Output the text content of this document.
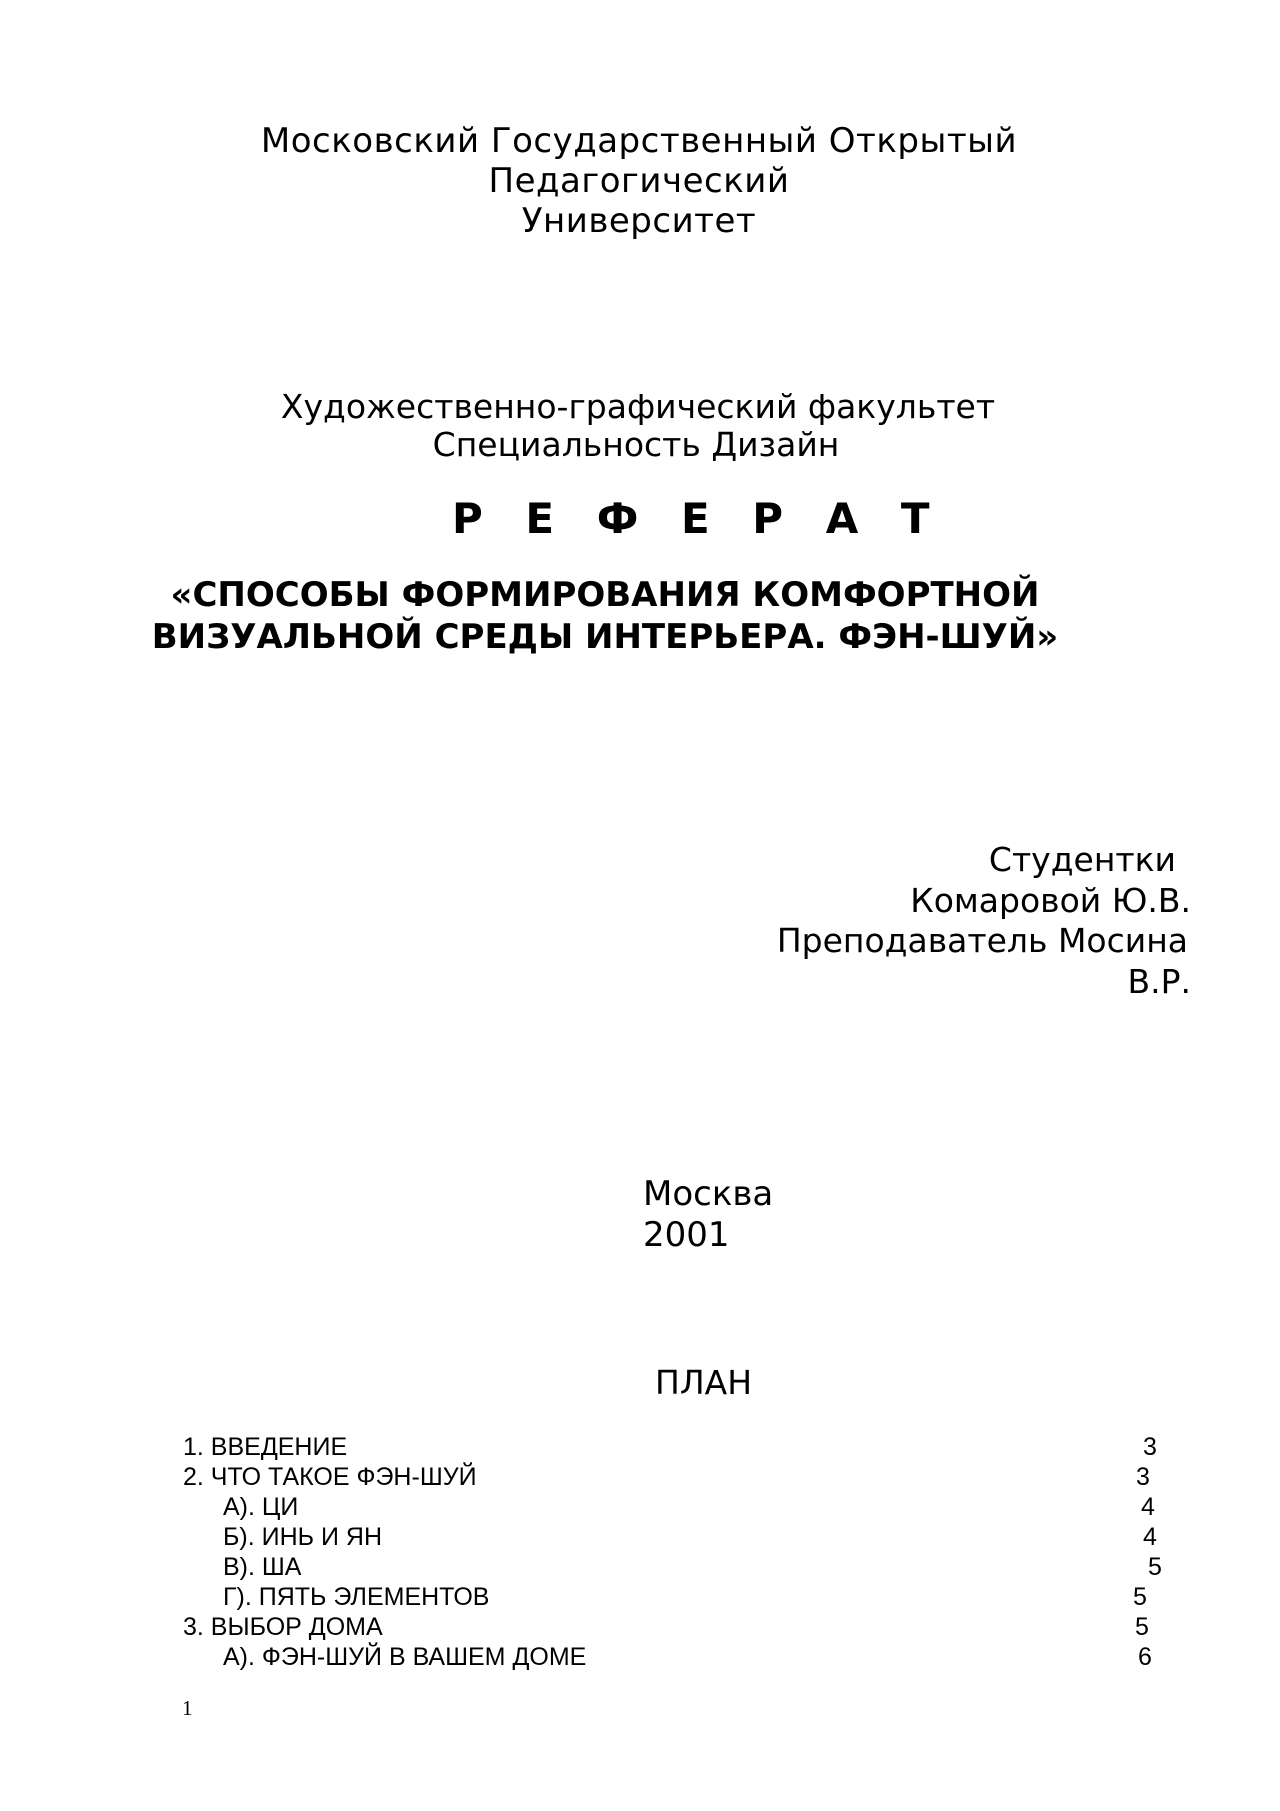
Московский Государственный Открытый
Педагогический
Университет
Художественно-графический факультет
Специальность Дизайн
Р Е Ф Е Р А Т
«СПОСОБЫ ФОРМИРОВАНИЯ КОМФОРТНОЙ
ВИЗУАЛЬНОЙ СРЕДЫ ИНТЕРЬЕРА. ФЭН-ШУЙ»
Студентки
Комаровой Ю.В.
Преподаватель Мосина
В.Р.
Москва
2001
ПЛАН
1. ВВЕДЕНИЕ	3
2. ЧТО ТАКОЕ ФЭН-ШУЙ	3
А). ЦИ	4
Б). ИНЬ И ЯН	4
В). ША	5
Г). ПЯТЬ ЭЛЕМЕНТОВ	5
3. ВЫБОР ДОМА	5
А). ФЭН-ШУЙ В ВАШЕМ ДОМЕ	6
1
